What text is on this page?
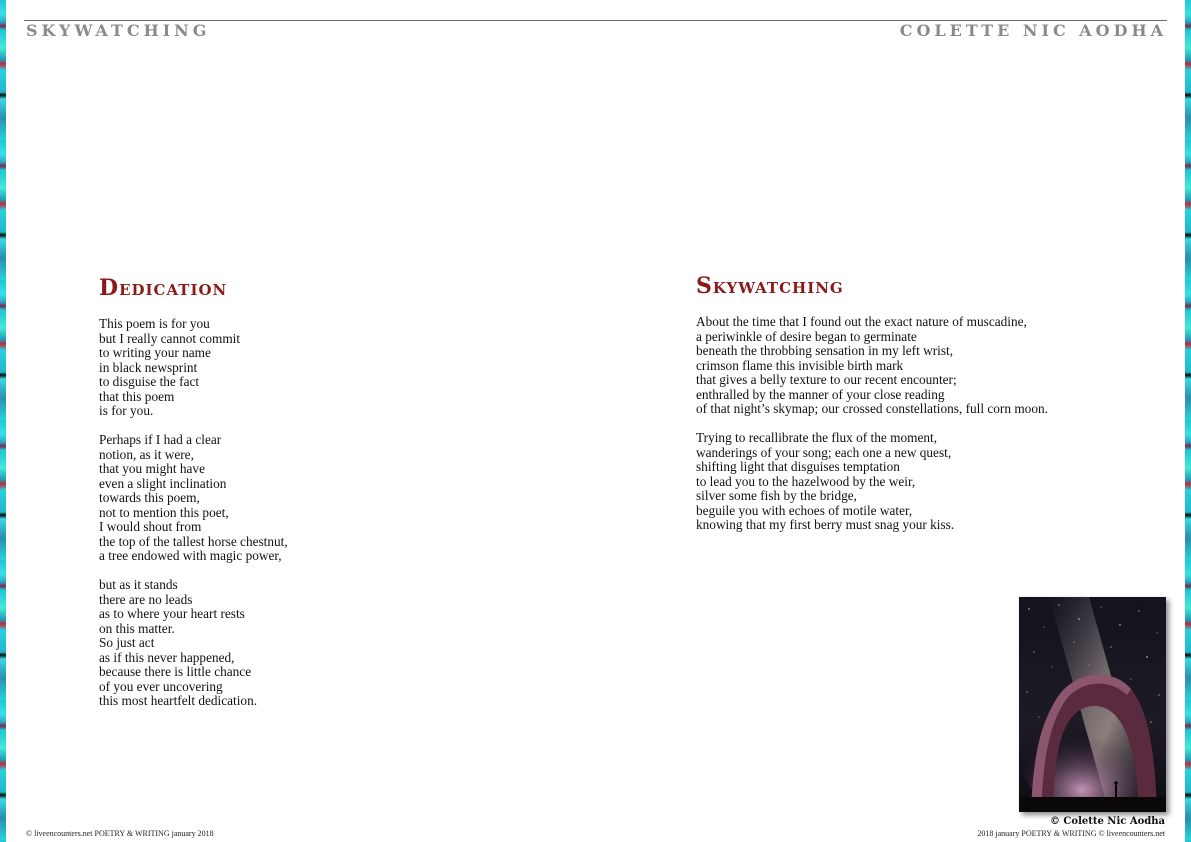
SKYWATCHING	COLETTE NIC AODHA
Dedication

This poem is for you
but I really cannot commit
to writing your name
in black newsprint
to disguise the fact
that this poem
is for you.

Perhaps if I had a clear
notion, as it were,
that you might have
even a slight inclination
towards this poem,
not to mention this poet,
I would shout from
the top of the tallest horse chestnut,
a tree endowed with magic power,

but as it stands
there are no leads
as to where your heart rests
on this matter.
So just act
as if this never happened,
because there is little chance
of you ever uncovering
this most heartfelt dedication.

Skywatching

About the time that I found out the exact nature of muscadine,
a periwinkle of desire began to germinate
beneath the throbbing sensation in my left wrist,
crimson flame this invisible birth mark
that gives a belly texture to our recent encounter;
enthralled by the manner of your close reading
of that night’s skymap; our crossed constellations, full corn moon.

Trying to recallibrate the flux of the moment,
wanderings of your song; each one a new quest,
shifting light that disguises temptation
to lead you to the hazelwood by the weir,
silver some fish by the bridge,
beguile you with echoes of motile water,
knowing that my first berry must snag your kiss.

© Colette Nic Aodha
© liveencounters.net POETRY & WRITING january 2018	2018 january POETRY & WRITING © liveencounters.net
